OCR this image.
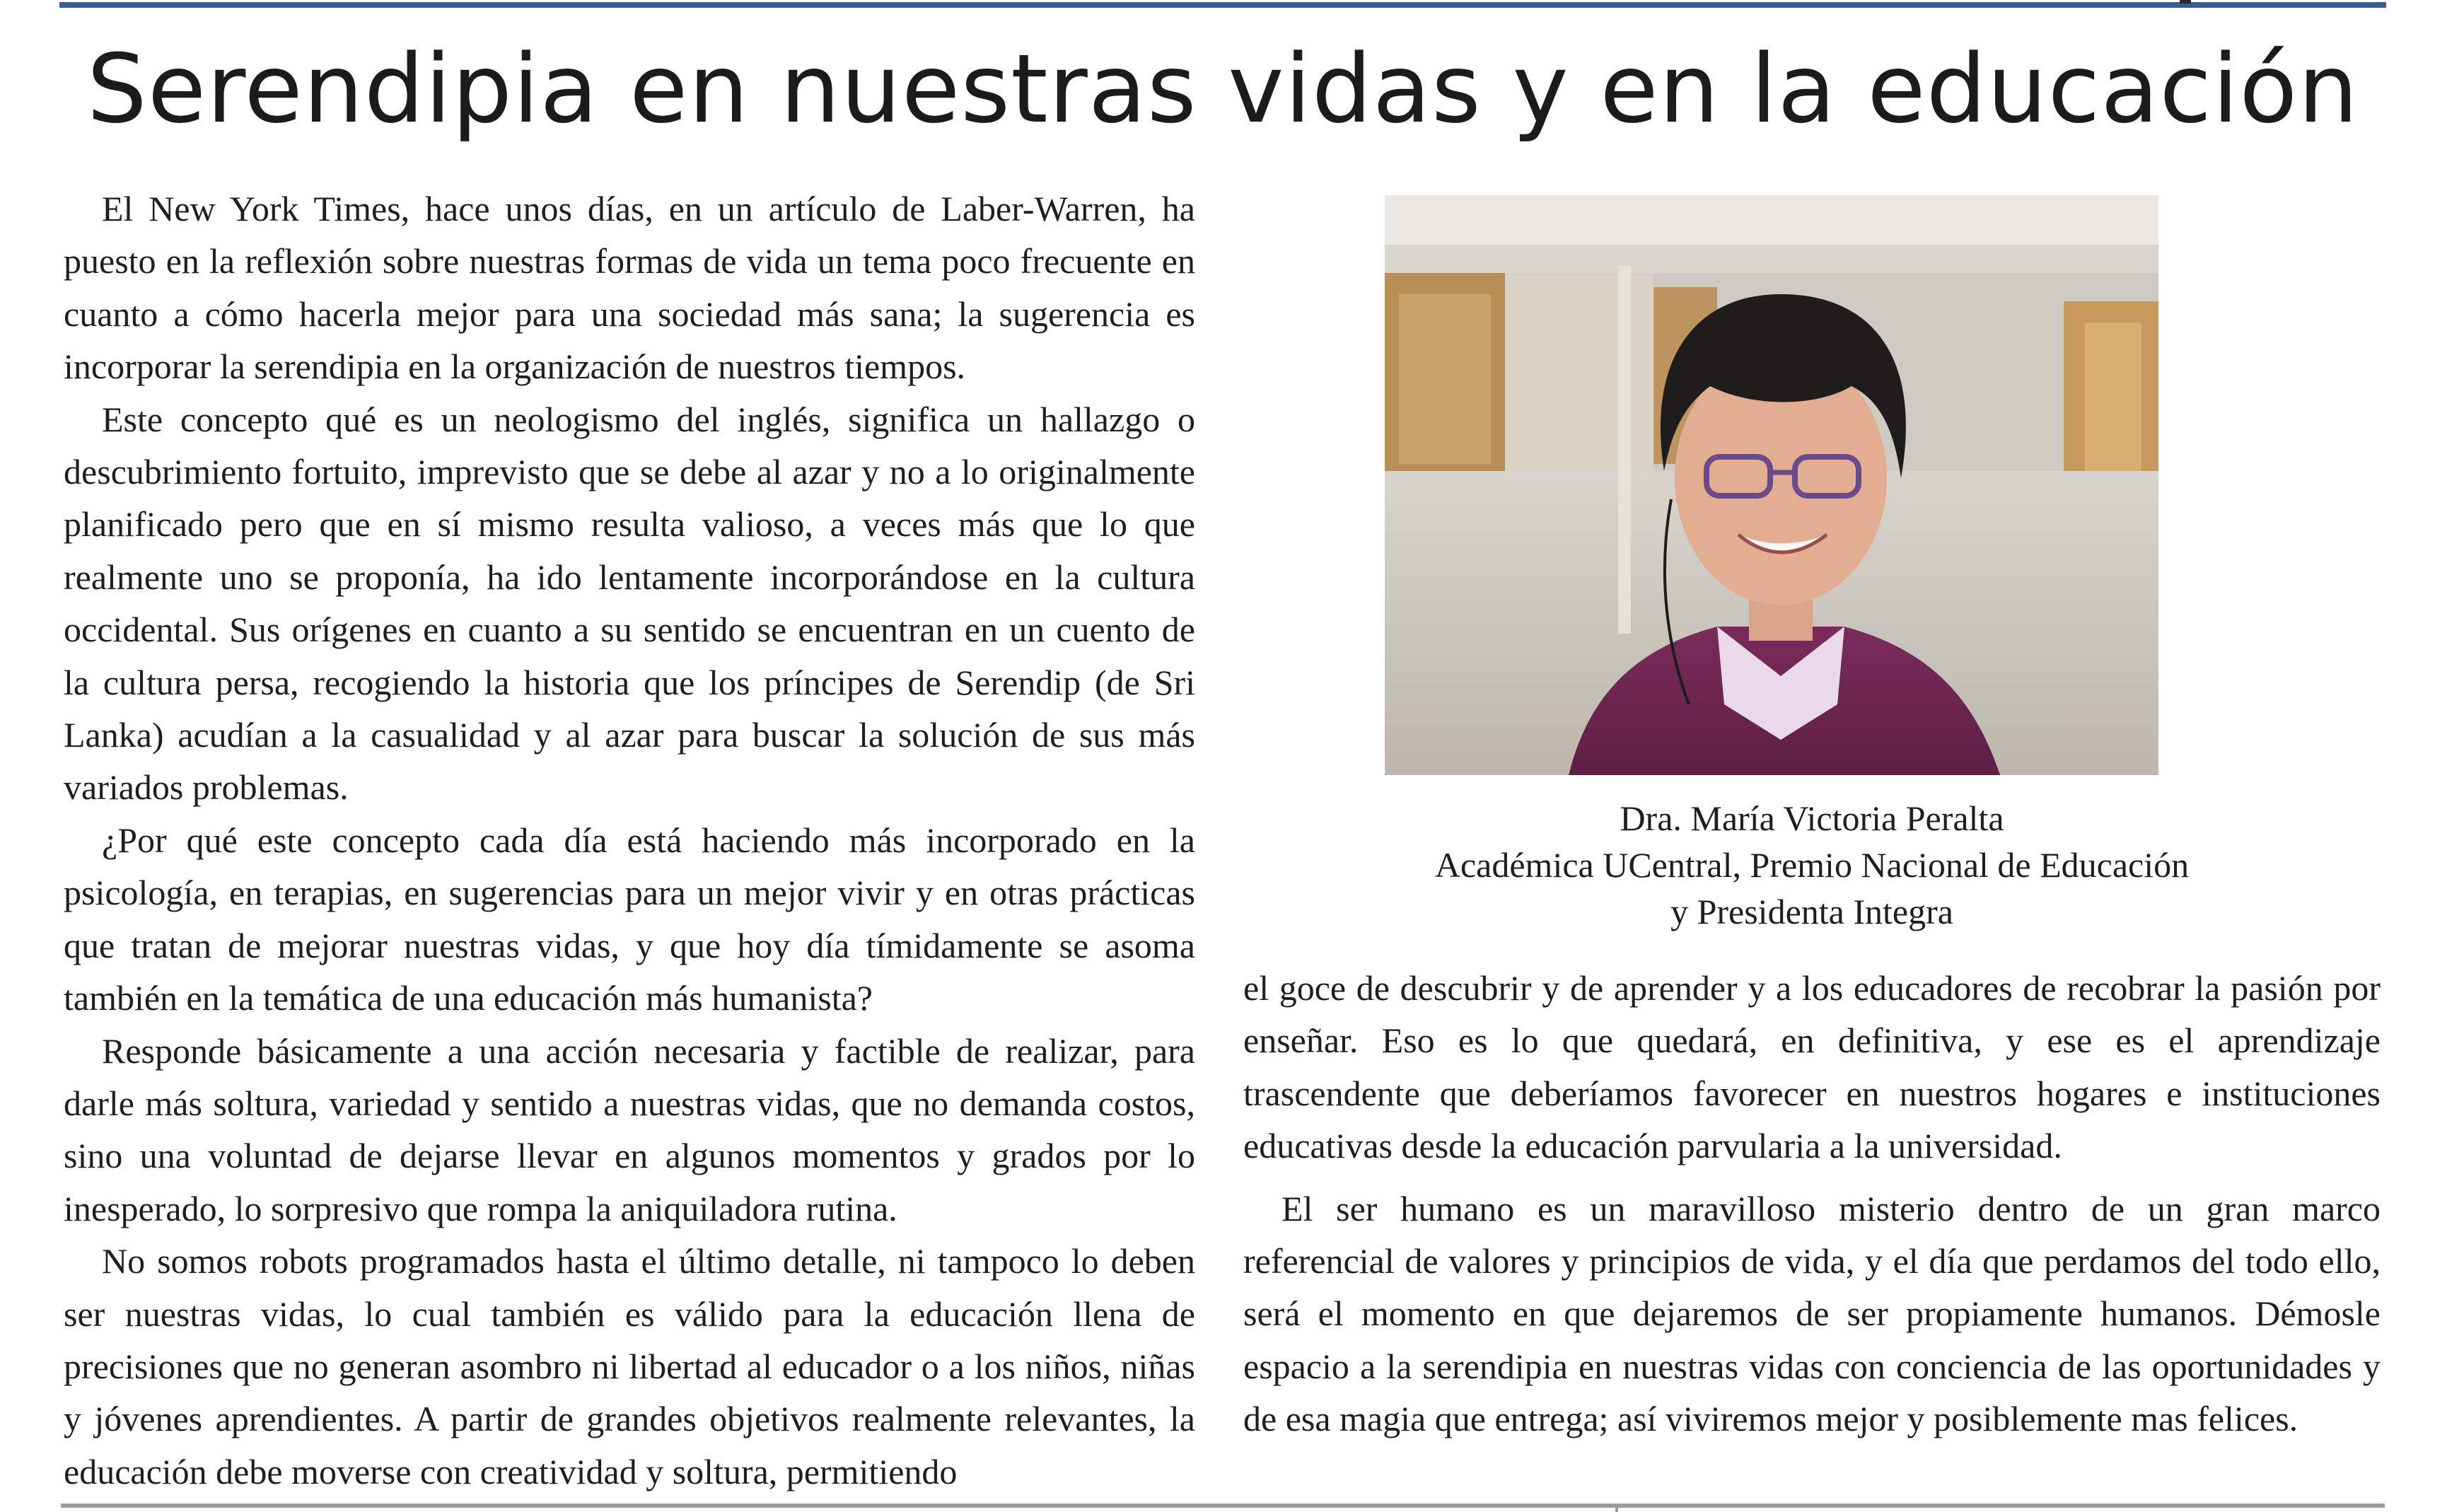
Serendipia en nuestras vidas y en la educación

El New York Times, hace unos días, en un artículo de Laber-Warren, ha puesto en la reflexión sobre nuestras formas de vida un tema poco frecuente en cuanto a cómo hacerla mejor para una sociedad más sana; la sugerencia es incorporar la serendipia en la organización de nuestros tiempos.

Este concepto qué es un neologismo del inglés, significa un hallazgo o descubrimiento fortuito, imprevisto que se debe al azar y no a lo originalmente planificado pero que en sí mismo resulta valioso, a veces más que lo que realmente uno se proponía, ha ido lentamente incorporándose en la cultura occidental. Sus orígenes en cuanto a su sentido se encuentran en un cuento de la cultura persa, recogiendo la historia que los príncipes de Serendip (de Sri Lanka) acudían a la casualidad y al azar para buscar la solución de sus más variados problemas.

¿Por qué este concepto cada día está haciendo más incorporado en la psicología, en terapias, en sugerencias para un mejor vivir y en otras prácticas que tratan de mejorar nuestras vidas, y que hoy día tímidamente se asoma también en la temática de una educación más humanista?

Responde básicamente a una acción necesaria y factible de realizar, para darle más soltura, variedad y sentido a nuestras vidas, que no demanda costos, sino una voluntad de dejarse llevar en algunos momentos y grados por lo inesperado, lo sorpresivo que rompa la aniquiladora rutina.

No somos robots programados hasta el último detalle, ni tampoco lo deben ser nuestras vidas, lo cual también es válido para la educación llena de precisiones que no generan asombro ni libertad al educador o a los niños, niñas y jóvenes aprendientes. A partir de grandes objetivos realmente relevantes, la educación debe moverse con creatividad y soltura, permitiendo

Dra. María Victoria Peralta
Académica UCentral, Premio Nacional de Educación
y Presidenta Integra

el goce de descubrir y de aprender y a los educadores de recobrar la pasión por enseñar. Eso es lo que quedará, en definitiva, y ese es el aprendizaje trascendente que deberíamos favorecer en nuestros hogares e instituciones educativas desde la educación parvularia a la universidad.

El ser humano es un maravilloso misterio dentro de un gran marco referencial de valores y principios de vida, y el día que perdamos del todo ello, será el momento en que dejaremos de ser propiamente humanos. Démosle espacio a la serendipia en nuestras vidas con conciencia de las oportunidades y de esa magia que entrega; así viviremos mejor y posiblemente mas felices.
